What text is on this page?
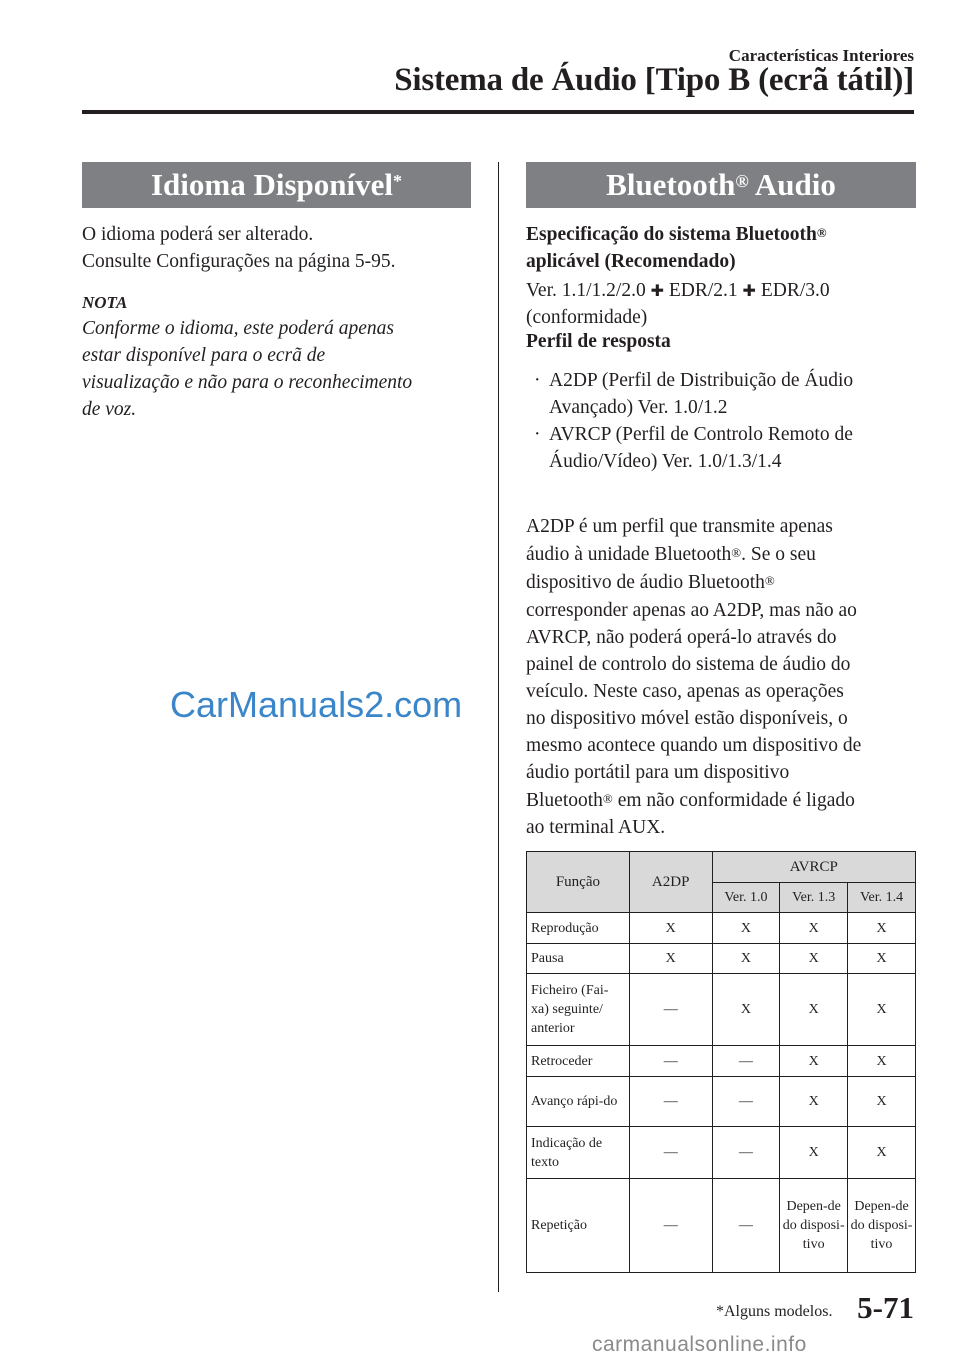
Características Interiores
Sistema de Áudio [Tipo B (ecrã tátil)]
Idioma Disponível*
O idioma poderá ser alterado.
Consulte Configurações na página 5-95.
NOTA
Conforme o idioma, este poderá apenas
estar disponível para o ecrã de
visualização e não para o reconhecimento
de voz.
CarManuals2.com
Bluetooth® Audio
Especificação do sistema Bluetooth®
aplicável (Recomendado)
Ver. 1.1/1.2/2.0 ✚ EDR/2.1 ✚ EDR/3.0
(conformidade)
Perfil de resposta
· A2DP (Perfil de Distribuição de Áudio
Avançado) Ver. 1.0/1.2
· AVRCP (Perfil de Controlo Remoto de
Áudio/Vídeo) Ver. 1.0/1.3/1.4
A2DP é um perfil que transmite apenas
áudio à unidade Bluetooth®. Se o seu
dispositivo de áudio Bluetooth®
corresponder apenas ao A2DP, mas não ao
AVRCP, não poderá operá-lo através do
painel de controlo do sistema de áudio do
veículo. Neste caso, apenas as operações
no dispositivo móvel estão disponíveis, o
mesmo acontece quando um dispositivo de
áudio portátil para um dispositivo
Bluetooth® em não conformidade é ligado
ao terminal AUX.
Função	A2DP	AVRCP		
		Ver. 1.0	Ver. 1.3	Ver. 1.4
Reprodução	X	X	X	X
Pausa	X	X	X	X
Ficheiro (Fai-xa) seguinte/ anterior	—	X	X	X
Retroceder	—	—	X	X
Avanço rápi-do	—	—	X	X
Indicação de texto	—	—	X	X
Repetição	—	—	Depen-de do disposi-tivo	Depen-de do disposi-tivo
*Alguns modelos. 5-71
carmanualsonline.info
